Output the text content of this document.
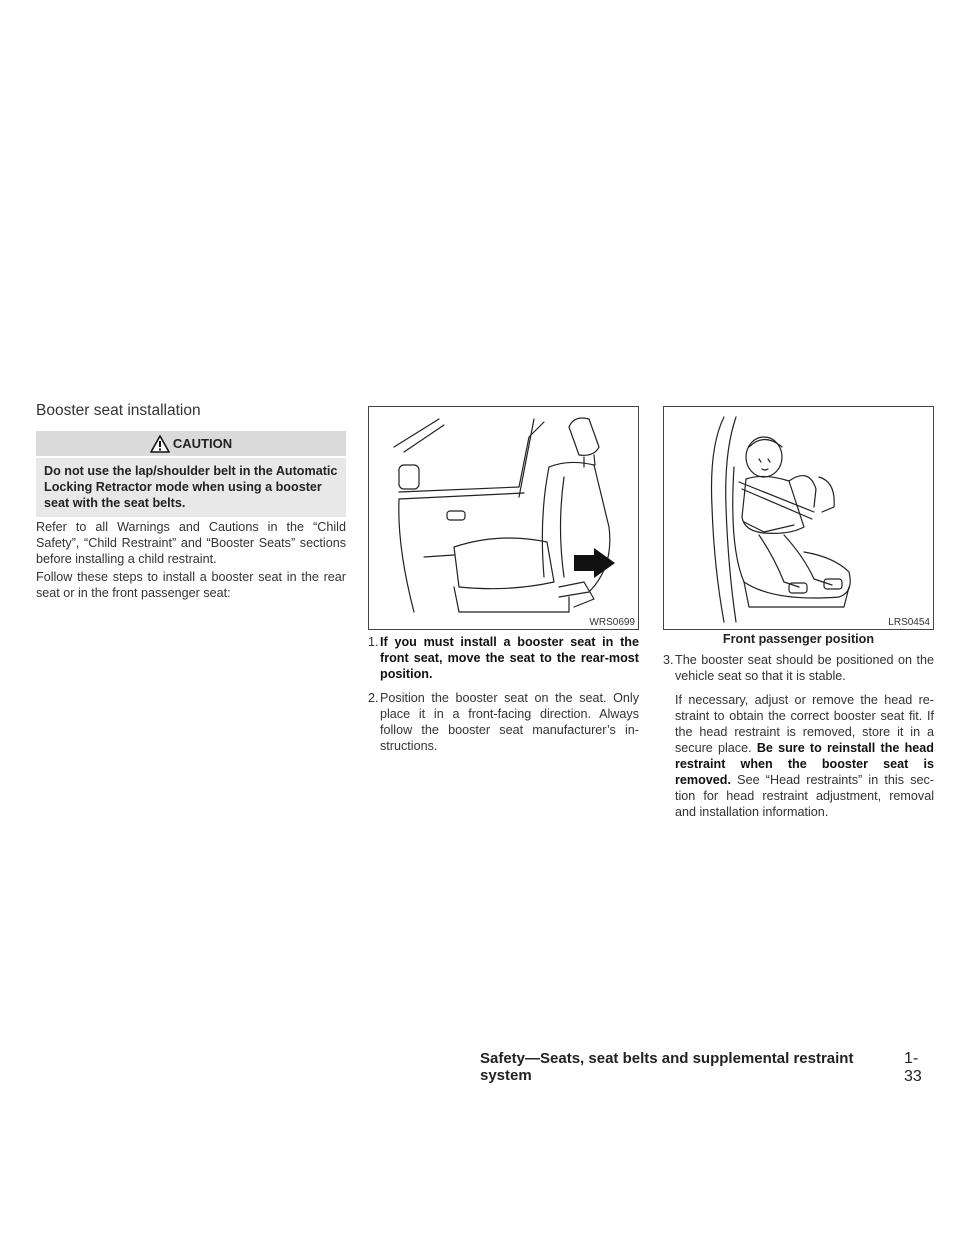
Booster seat installation
CAUTION
Do not use the lap/shoulder belt in the Automatic Locking Retractor mode when using a booster seat with the seat belts.
Refer to all Warnings and Cautions in the “Child Safety”, “Child Restraint” and “Booster Seats” sections before installing a child restraint.
Follow these steps to install a booster seat in the rear seat or in the front passenger seat:
WRS0699	LRS0454
Front passenger position
1. If you must install a booster seat in the front seat, move the seat to the rear-most position.
2. Position the booster seat on the seat. Only place it in a front-facing direction. Always follow the booster seat manufacturer’s in-structions.
3. The booster seat should be positioned on the vehicle seat so that it is stable.
If necessary, adjust or remove the head re-straint to obtain the correct booster seat fit. If the head restraint is removed, store it in a secure place. Be sure to reinstall the head restraint when the booster seat is removed. See “Head restraints” in this sec-tion for head restraint adjustment, removal and installation information.
Safety—Seats, seat belts and supplemental restraint system
1-33
